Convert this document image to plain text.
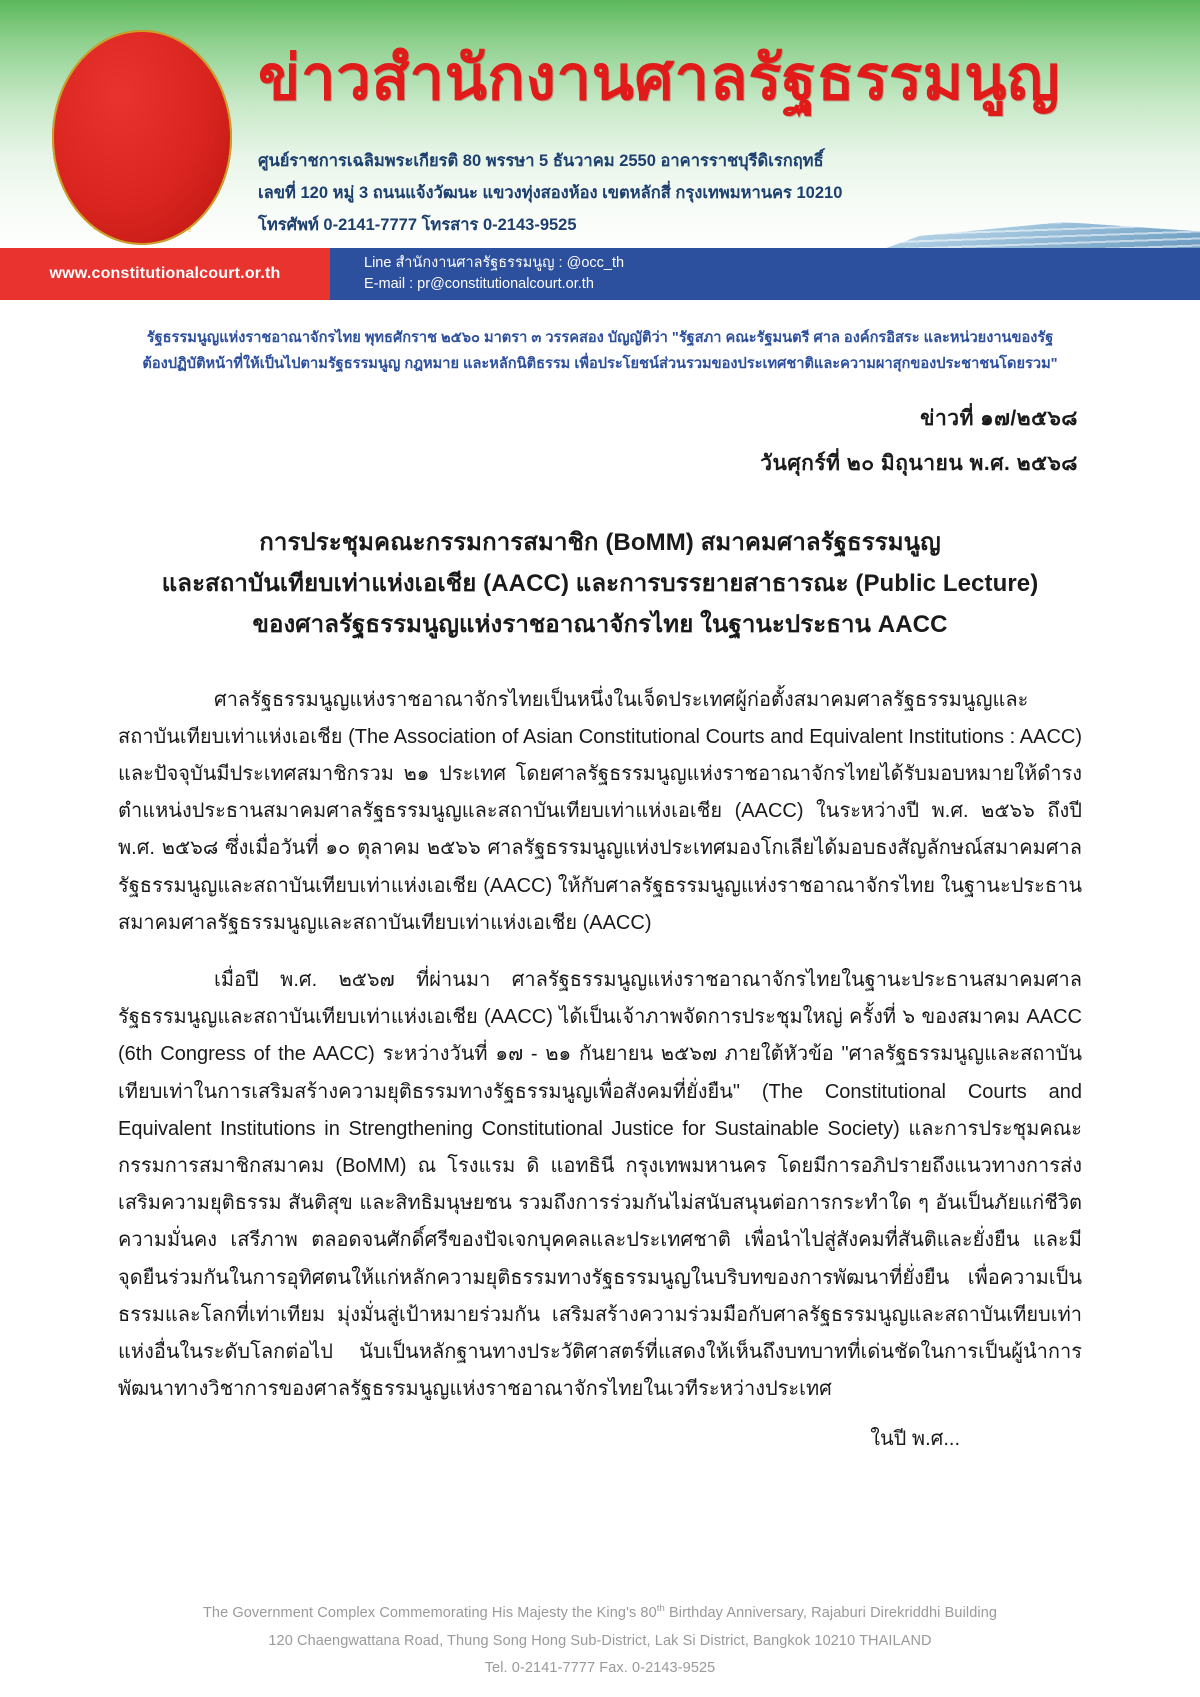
ข่าวสำนักงานศาลรัฐธรรมนูญ
ศูนย์ราชการเฉลิมพระเกียรติ 80 พรรษา 5 ธันวาคม 2550 อาคารราชบุรีดิเรกฤทธิ์
เลขที่ 120 หมู่ 3 ถนนแจ้งวัฒนะ แขวงทุ่งสองห้อง เขตหลักสี่ กรุงเทพมหานคร 10210
โทรศัพท์ 0-2141-7777 โทรสาร 0-2143-9525
www.constitutionalcourt.or.th
Line สำนักงานศาลรัฐธรรมนูญ : @occ_th
E-mail : pr@constitutionalcourt.or.th

รัฐธรรมนูญแห่งราชอาณาจักรไทย พุทธศักราช ๒๕๖๐ มาตรา ๓ วรรคสอง บัญญัติว่า "รัฐสภา คณะรัฐมนตรี ศาล องค์กรอิสระ และหน่วยงานของรัฐ

ต้องปฏิบัติหน้าที่ให้เป็นไปตามรัฐธรรมนูญ กฎหมาย และหลักนิติธรรม เพื่อประโยชน์ส่วนรวมของประเทศชาติและความผาสุกของประชาชนโดยรวม"

ข่าวที่ ๑๗/๒๕๖๘
วันศุกร์ที่ ๒๐ มิถุนายน พ.ศ. ๒๕๖๘
การประชุมคณะกรรมการสมาชิก (BoMM) สมาคมศาลรัฐธรรมนูญ
และสถาบันเทียบเท่าแห่งเอเชีย (AACC) และการบรรยายสาธารณะ (Public Lecture)
ของศาลรัฐธรรมนูญแห่งราชอาณาจักรไทย ในฐานะประธาน AACC

ศาลรัฐธรรมนูญแห่งราชอาณาจักรไทยเป็นหนึ่งในเจ็ดประเทศผู้ก่อตั้งสมาคมศาลรัฐธรรมนูญและสถาบันเทียบเท่าแห่งเอเชีย (The Association of Asian Constitutional Courts and Equivalent Institutions : AACC) และปัจจุบันมีประเทศสมาชิกรวม ๒๑ ประเทศ โดยศาลรัฐธรรมนูญแห่งราชอาณาจักรไทยได้รับมอบหมายให้ดำรงตำแหน่งประธานสมาคมศาลรัฐธรรมนูญและสถาบันเทียบเท่าแห่งเอเชีย (AACC) ในระหว่างปี พ.ศ. ๒๕๖๖ ถึงปี พ.ศ. ๒๕๖๘ ซึ่งเมื่อวันที่ ๑๐ ตุลาคม ๒๕๖๖ ศาลรัฐธรรมนูญแห่งประเทศมองโกเลียได้มอบธงสัญลักษณ์สมาคมศาลรัฐธรรมนูญและสถาบันเทียบเท่าแห่งเอเชีย (AACC) ให้กับศาลรัฐธรรมนูญแห่งราชอาณาจักรไทย ในฐานะประธานสมาคมศาลรัฐธรรมนูญและสถาบันเทียบเท่าแห่งเอเชีย (AACC)

เมื่อปี พ.ศ. ๒๕๖๗ ที่ผ่านมา ศาลรัฐธรรมนูญแห่งราชอาณาจักรไทยในฐานะประธานสมาคมศาลรัฐธรรมนูญและสถาบันเทียบเท่าแห่งเอเชีย (AACC) ได้เป็นเจ้าภาพจัดการประชุมใหญ่ ครั้งที่ ๖ ของสมาคม AACC (6th Congress of the AACC) ระหว่างวันที่ ๑๗ - ๒๑ กันยายน ๒๕๖๗ ภายใต้หัวข้อ "ศาลรัฐธรรมนูญและสถาบันเทียบเท่าในการเสริมสร้างความยุติธรรมทางรัฐธรรมนูญเพื่อสังคมที่ยั่งยืน" (The Constitutional Courts and Equivalent Institutions in Strengthening Constitutional Justice for Sustainable Society) และการประชุมคณะกรรมการสมาชิกสมาคม (BoMM) ณ โรงแรม ดิ แอทธินี กรุงเทพมหานคร โดยมีการอภิปรายถึงแนวทางการส่งเสริมความยุติธรรม สันติสุข และสิทธิมนุษยชน รวมถึงการร่วมกันไม่สนับสนุนต่อการกระทำใด ๆ อันเป็นภัยแก่ชีวิต ความมั่นคง เสรีภาพ ตลอดจนศักดิ์ศรีของปัจเจกบุคคลและประเทศชาติ เพื่อนำไปสู่สังคมที่สันติและยั่งยืน และมีจุดยืนร่วมกันในการอุทิศตนให้แก่หลักความยุติธรรมทางรัฐธรรมนูญในบริบทของการพัฒนาที่ยั่งยืน เพื่อความเป็นธรรมและโลกที่เท่าเทียม มุ่งมั่นสู่เป้าหมายร่วมกัน เสริมสร้างความร่วมมือกับศาลรัฐธรรมนูญและสถาบันเทียบเท่าแห่งอื่นในระดับโลกต่อไป นับเป็นหลักฐานทางประวัติศาสตร์ที่แสดงให้เห็นถึงบทบาทที่เด่นชัดในการเป็นผู้นำการพัฒนาทางวิชาการของศาลรัฐธรรมนูญแห่งราชอาณาจักรไทยในเวทีระหว่างประเทศ

ในปี พ.ศ...
The Government Complex Commemorating His Majesty the King's 80th Birthday Anniversary, Rajaburi Direkriddhi Building
120 Chaengwattana Road, Thung Song Hong Sub-District, Lak Si District, Bangkok 10210 THAILAND
Tel. 0-2141-7777 Fax. 0-2143-9525
